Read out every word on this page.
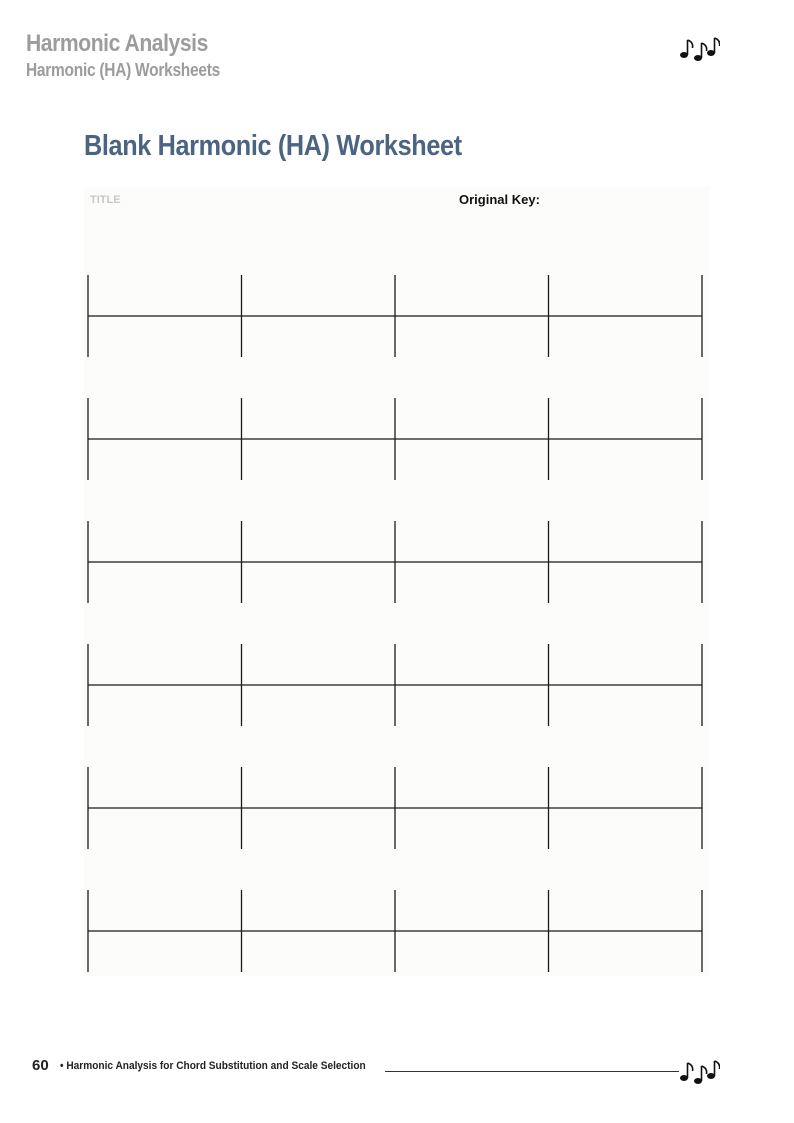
Harmonic Analysis
Harmonic (HA) Worksheets
Blank Harmonic (HA) Worksheet
TITLE	Original Key:
60 • Harmonic Analysis for Chord Substitution and Scale Selection
